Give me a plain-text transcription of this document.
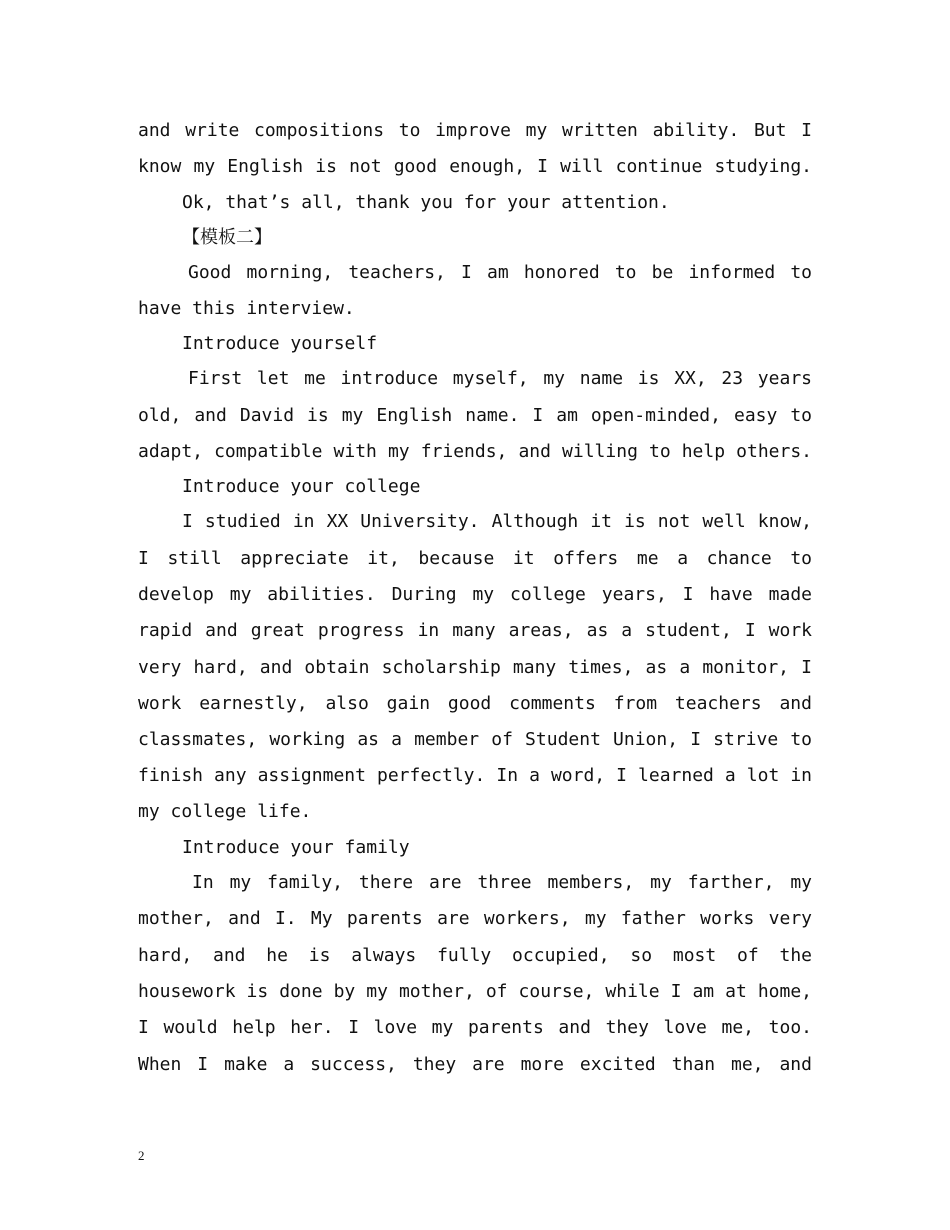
and write compositions to improve my written ability. But I
know my English is not good enough, I will continue studying.
Ok, that’s all, thank you for your attention.
【模板二】
Good morning, teachers, I am honored to be informed to
have this interview.
Introduce yourself
First let me introduce myself, my name is XX, 23 years
old, and David is my English name. I am open-minded, easy to
adapt, compatible with my friends, and willing to help others.
Introduce your college
I studied in XX University. Although it is not well know,
I still appreciate it, because it offers me a chance to
develop my abilities. During my college years, I have made
rapid and great progress in many areas, as a student, I work
very hard, and obtain scholarship many times, as a monitor, I
work earnestly, also gain good comments from teachers and
classmates, working as a member of Student Union, I strive to
finish any assignment perfectly. In a word, I learned a lot in
my college life.
Introduce your family
In my family, there are three members, my farther, my
mother, and I. My parents are workers, my father works very
hard, and he is always fully occupied, so most of the
housework is done by my mother, of course, while I am at home,
I would help her. I love my parents and they love me, too.
When I make a success, they are more excited than me, and
2
